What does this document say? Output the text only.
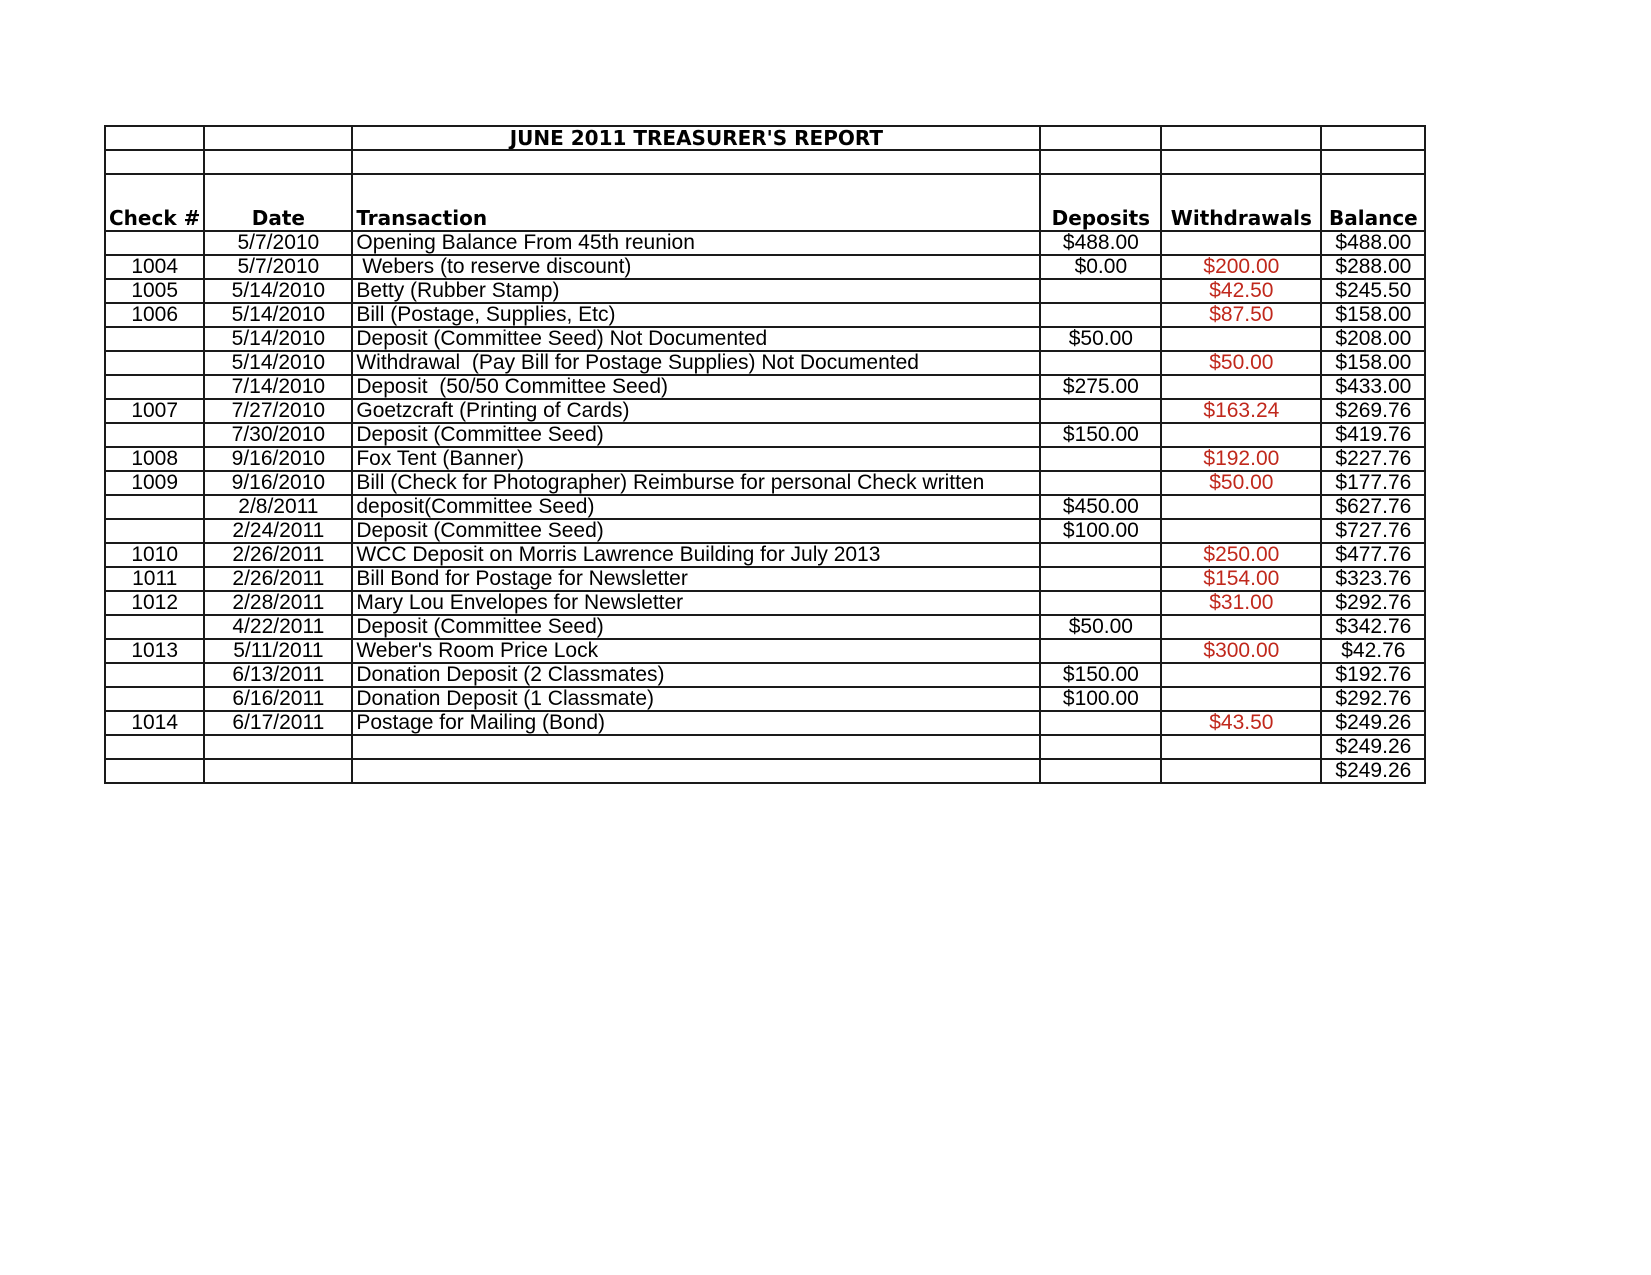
		JUNE 2011 TREASURER'S REPORT			

Check #	Date	Transaction	Deposits	Withdrawals	Balance
	5/7/2010	Opening Balance From 45th reunion	$488.00		$488.00
1004	5/7/2010	Webers (to reserve discount)	$0.00	$200.00	$288.00
1005	5/14/2010	Betty (Rubber Stamp)		$42.50	$245.50
1006	5/14/2010	Bill (Postage, Supplies, Etc)		$87.50	$158.00
	5/14/2010	Deposit (Committee Seed) Not Documented	$50.00		$208.00
	5/14/2010	Withdrawal  (Pay Bill for Postage Supplies) Not Documented		$50.00	$158.00
	7/14/2010	Deposit  (50/50 Committee Seed)	$275.00		$433.00
1007	7/27/2010	Goetzcraft (Printing of Cards)		$163.24	$269.76
	7/30/2010	Deposit (Committee Seed)	$150.00		$419.76
1008	9/16/2010	Fox Tent (Banner)		$192.00	$227.76
1009	9/16/2010	Bill (Check for Photographer) Reimburse for personal Check written		$50.00	$177.76
	2/8/2011	deposit(Committee Seed)	$450.00		$627.76
	2/24/2011	Deposit (Committee Seed)	$100.00		$727.76
1010	2/26/2011	WCC Deposit on Morris Lawrence Building for July 2013		$250.00	$477.76
1011	2/26/2011	Bill Bond for Postage for Newsletter		$154.00	$323.76
1012	2/28/2011	Mary Lou Envelopes for Newsletter		$31.00	$292.76
	4/22/2011	Deposit (Committee Seed)	$50.00		$342.76
1013	5/11/2011	Weber's Room Price Lock		$300.00	$42.76
	6/13/2011	Donation Deposit (2 Classmates)	$150.00		$192.76
	6/16/2011	Donation Deposit (1 Classmate)	$100.00		$292.76
1014	6/17/2011	Postage for Mailing (Bond)		$43.50	$249.26
					$249.26
					$249.26
